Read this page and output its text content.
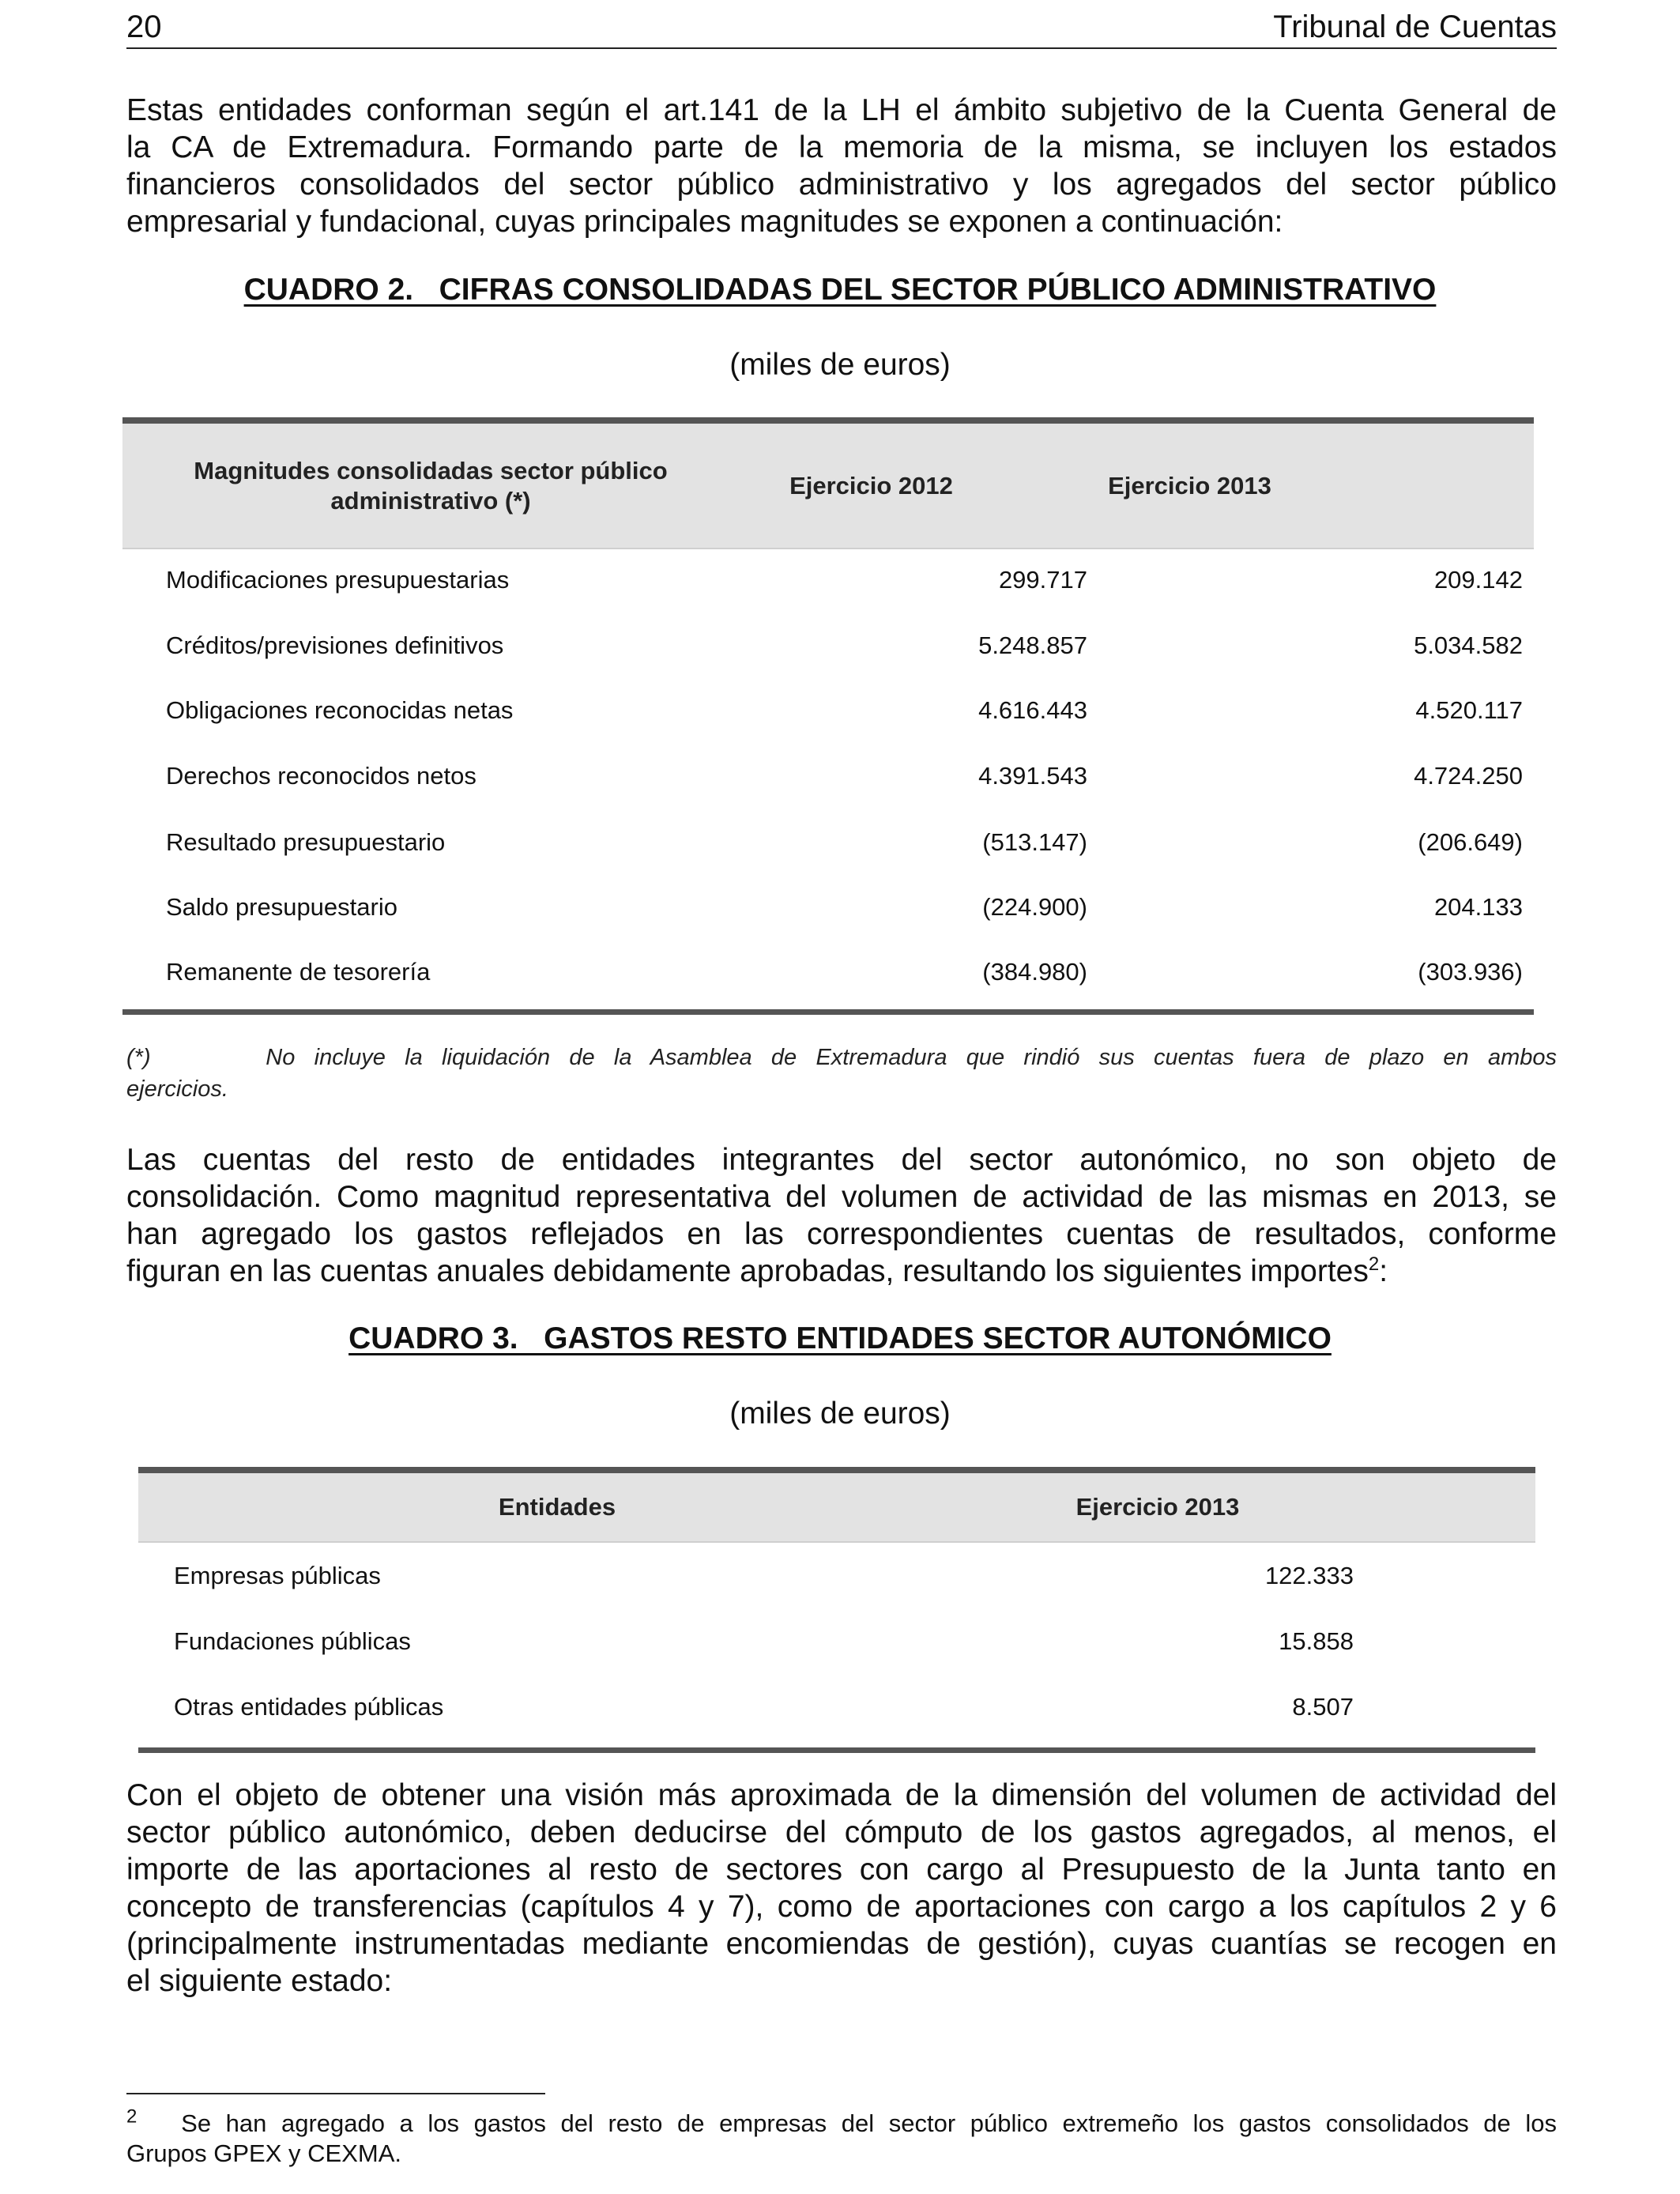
20	Tribunal de Cuentas
Estas entidades conforman según el art.141 de la LH el ámbito subjetivo de la Cuenta General de
la CA de Extremadura. Formando parte de la memoria de la misma, se incluyen los estados
financieros consolidados del sector público administrativo y los agregados del sector público
empresarial y fundacional, cuyas principales magnitudes se exponen a continuación:
CUADRO 2.   CIFRAS CONSOLIDADAS DEL SECTOR PÚBLICO ADMINISTRATIVO
(miles de euros)
Magnitudes consolidadas sector público administrativo (*)
Ejercicio 2012	Ejercicio 2013
Modificaciones presupuestarias	299.717	209.142
Créditos/previsiones definitivos	5.248.857	5.034.582
Obligaciones reconocidas netas	4.616.443	4.520.117
Derechos reconocidos netos	4.391.543	4.724.250
Resultado presupuestario	(513.147)	(206.649)
Saldo presupuestario	(224.900)	204.133
Remanente de tesorería	(384.980)	(303.936)
(*)	No incluye la liquidación de la Asamblea de Extremadura que rindió sus cuentas fuera de plazo en ambos
ejercicios.
Las cuentas del resto de entidades integrantes del sector autonómico, no son objeto de
consolidación. Como magnitud representativa del volumen de actividad de las mismas en 2013, se
han agregado los gastos reflejados en las correspondientes cuentas de resultados, conforme
figuran en las cuentas anuales debidamente aprobadas, resultando los siguientes importes$^2$:
CUADRO 3.   GASTOS RESTO ENTIDADES SECTOR AUTONÓMICO
(miles de euros)
Entidades	Ejercicio 2013
Empresas públicas	122.333
Fundaciones públicas	15.858
Otras entidades públicas	8.507
Con el objeto de obtener una visión más aproximada de la dimensión del volumen de actividad del
sector público autonómico, deben deducirse del cómputo de los gastos agregados, al menos, el
importe de las aportaciones al resto de sectores con cargo al Presupuesto de la Junta tanto en
concepto de transferencias (capítulos 4 y 7), como de aportaciones con cargo a los capítulos 2 y 6
(principalmente instrumentadas mediante encomiendas de gestión), cuyas cuantías se recogen en
el siguiente estado:
$^2$ Se han agregado a los gastos del resto de empresas del sector público extremeño los gastos consolidados de los
Grupos GPEX y CEXMA.
